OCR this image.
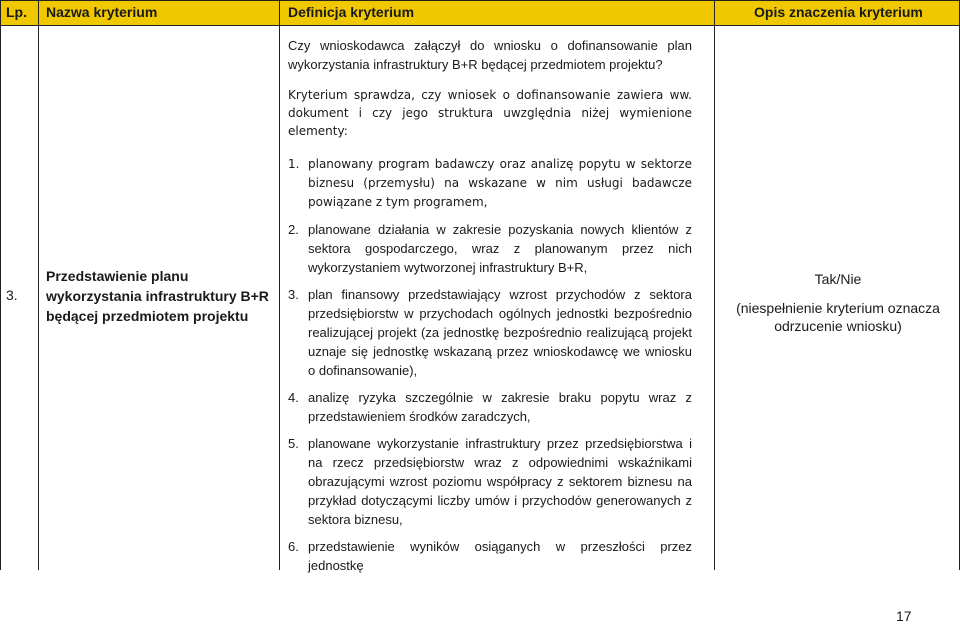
Lp. Nazwa kryterium	Definicja kryterium	Opis znaczenia kryterium
3.
Przedstawienie planu wykorzystania infrastruktury B+R będącej przedmiotem projektu

Czy wnioskodawca załączył do wniosku o dofinansowanie plan wykorzystania infrastruktury B+R będącej przedmiotem projektu?

Kryterium sprawdza, czy wniosek o dofinansowanie zawiera ww. dokument i czy jego struktura uwzględnia niżej wymienione elementy:

1. planowany program badawczy oraz analizę popytu w sektorze biznesu (przemysłu) na wskazane w nim usługi badawcze powiązane z tym programem,
2. planowane działania w zakresie pozyskania nowych klientów z sektora gospodarczego, wraz z planowanym przez nich wykorzystaniem wytworzonej infrastruktury B+R,
3. plan finansowy przedstawiający wzrost przychodów z sektora przedsiębiorstw w przychodach ogólnych jednostki bezpośrednio realizującej projekt (za jednostkę bezpośrednio realizującą projekt uznaje się jednostkę wskazaną przez wnioskodawcę we wniosku o dofinansowanie),
4. analizę ryzyka szczególnie w zakresie braku popytu wraz z przedstawieniem środków zaradczych,
5. planowane wykorzystanie infrastruktury przez przedsiębiorstwa i na rzecz przedsiębiorstw wraz z odpowiednimi wskaźnikami obrazującymi wzrost poziomu współpracy z sektorem biznesu na przykład dotyczącymi liczby umów i przychodów generowanych z sektora biznesu,
6. przedstawienie wyników osiąganych w przeszłości przez jednostkę
Tak/Nie
(niespełnienie kryterium oznacza odrzucenie wniosku)
17
